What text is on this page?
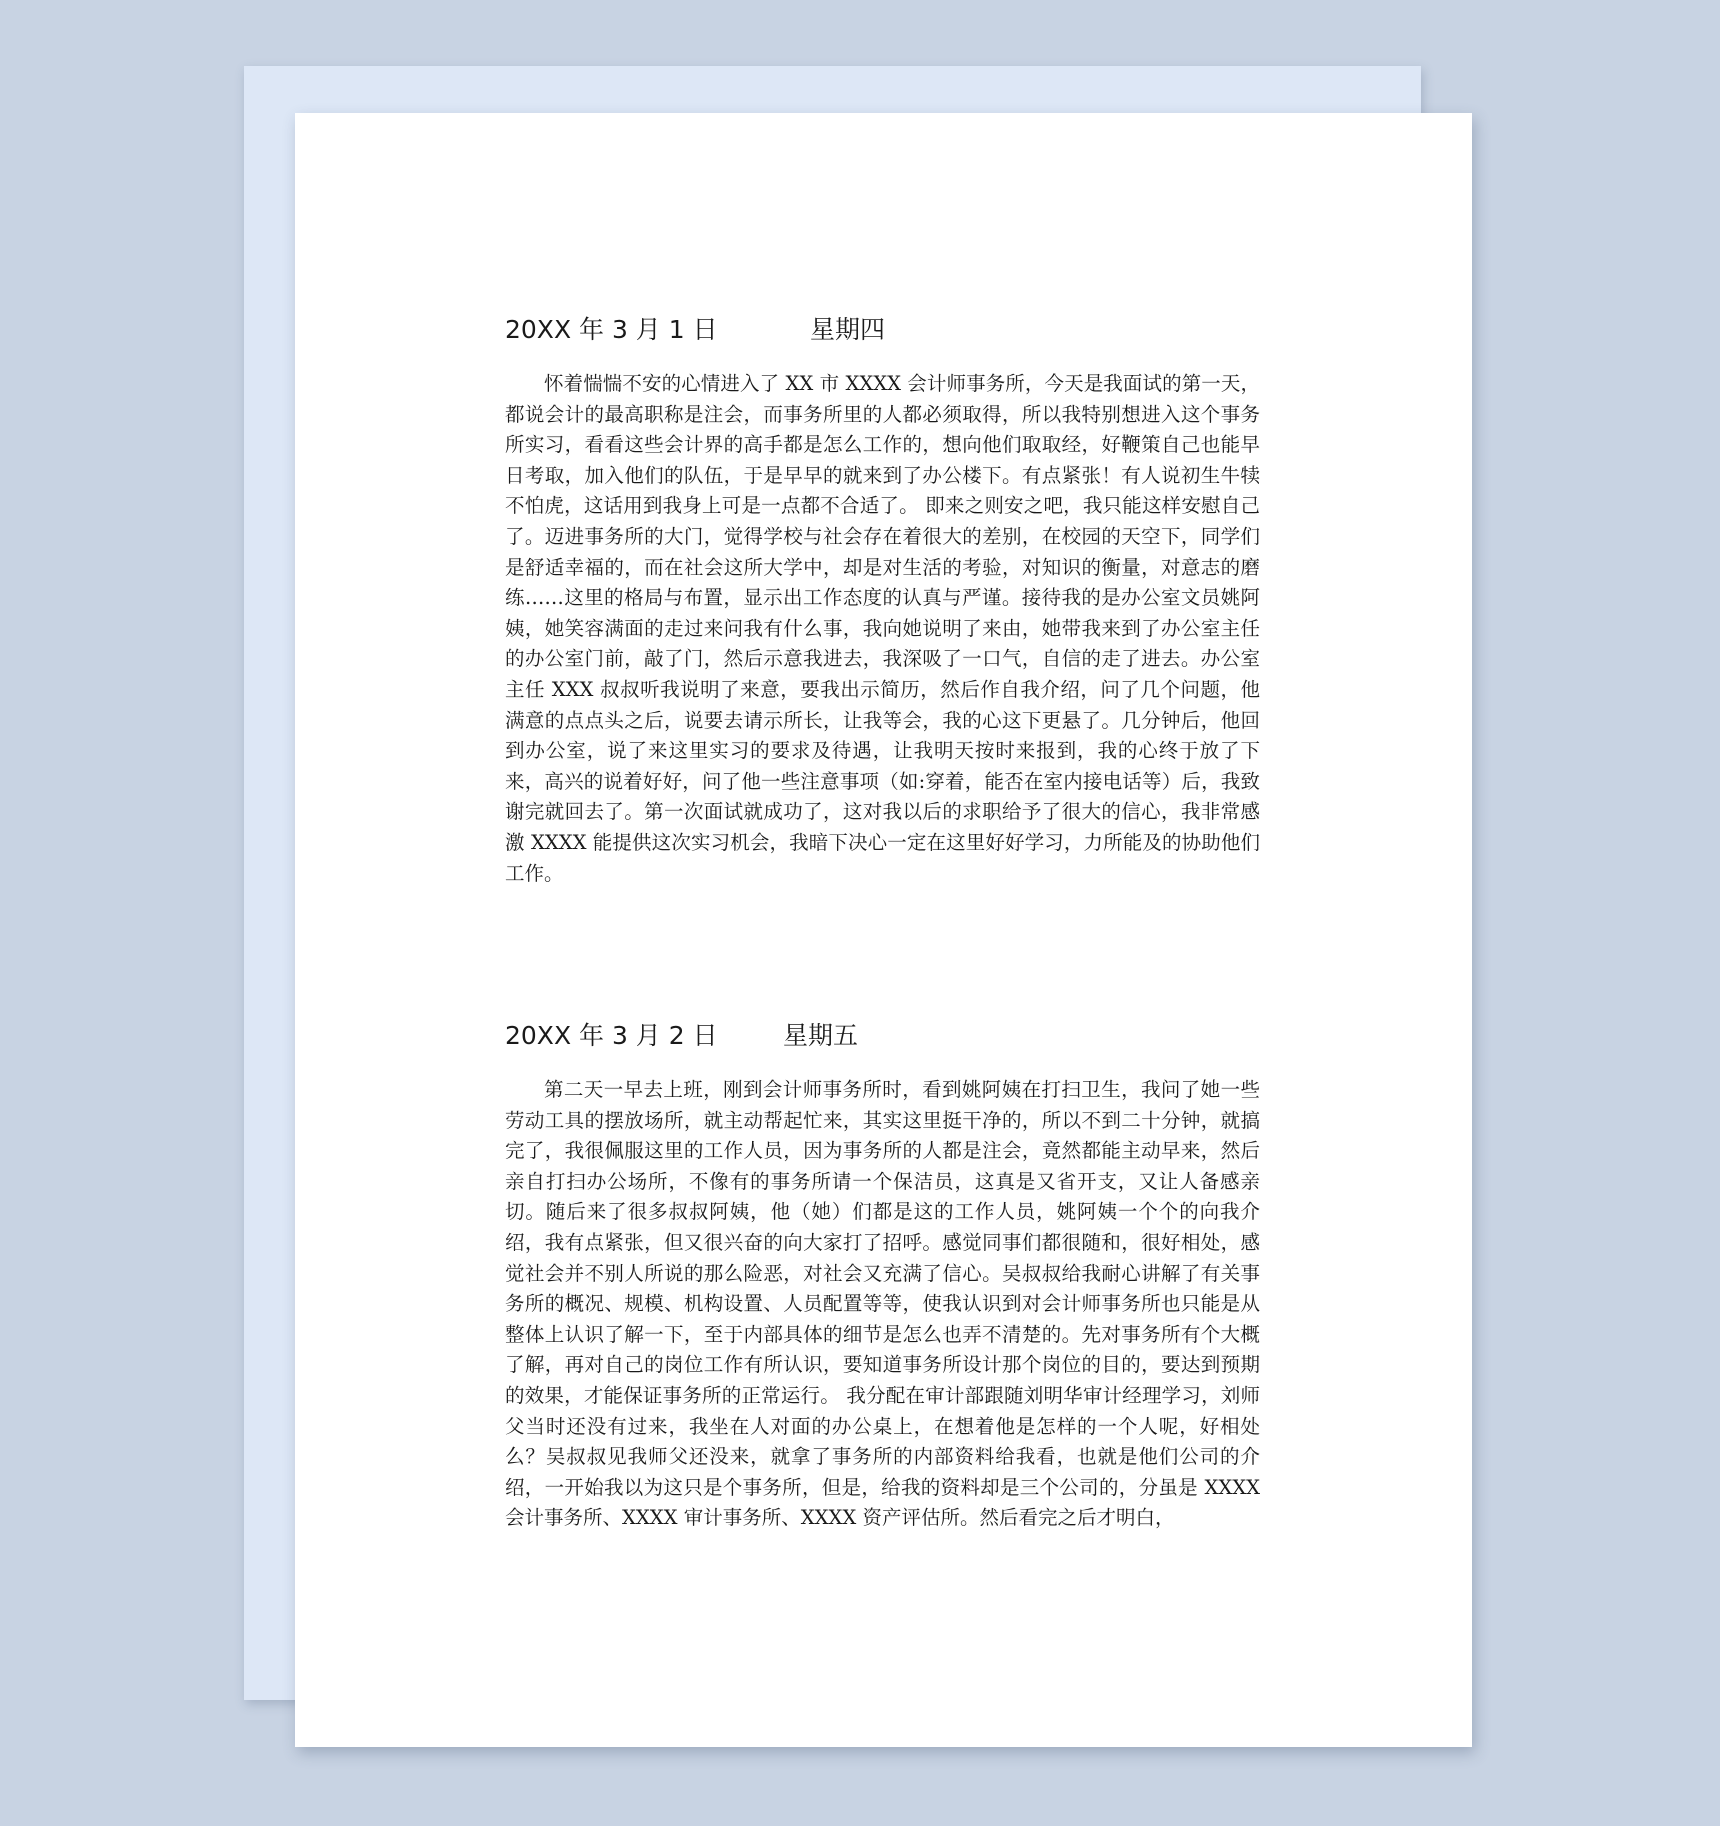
20XX 年 3 月 1 日	星期四

怀着惴惴不安的心情进入了 XX 市 XXXX 会计师事务所，今天是我面试的第一天，都说会计的最高职称是注会，而事务所里的人都必须取得，所以我特别想进入这个事务所实习，看看这些会计界的高手都是怎么工作的，想向他们取取经，好鞭策自己也能早日考取，加入他们的队伍，于是早早的就来到了办公楼下。有点紧张！有人说初生牛犊不怕虎，这话用到我身上可是一点都不合适了。 即来之则安之吧，我只能这样安慰自己了。迈进事务所的大门，觉得学校与社会存在着很大的差别，在校园的天空下，同学们是舒适幸福的，而在社会这所大学中，却是对生活的考验，对知识的衡量，对意志的磨练……这里的格局与布置，显示出工作态度的认真与严谨。接待我的是办公室文员姚阿姨，她笑容满面的走过来问我有什么事，我向她说明了来由，她带我来到了办公室主任的办公室门前，敲了门，然后示意我进去，我深吸了一口气，自信的走了进去。办公室主任 XXX 叔叔听我说明了来意，要我出示简历，然后作自我介绍，问了几个问题，他满意的点点头之后，说要去请示所长，让我等会，我的心这下更悬了。几分钟后，他回到办公室，说了来这里实习的要求及待遇，让我明天按时来报到，我的心终于放了下来，高兴的说着好好，问了他一些注意事项（如:穿着，能否在室内接电话等）后，我致谢完就回去了。第一次面试就成功了，这对我以后的求职给予了很大的信心，我非常感激 XXXX 能提供这次实习机会，我暗下决心一定在这里好好学习，力所能及的协助他们工作。

20XX 年 3 月 2 日	星期五

第二天一早去上班，刚到会计师事务所时，看到姚阿姨在打扫卫生，我问了她一些劳动工具的摆放场所，就主动帮起忙来，其实这里挺干净的，所以不到二十分钟，就搞完了，我很佩服这里的工作人员，因为事务所的人都是注会，竟然都能主动早来，然后亲自打扫办公场所，不像有的事务所请一个保洁员，这真是又省开支，又让人备感亲切。随后来了很多叔叔阿姨，他（她）们都是这的工作人员，姚阿姨一个个的向我介绍，我有点紧张，但又很兴奋的向大家打了招呼。感觉同事们都很随和，很好相处，感觉社会并不别人所说的那么险恶，对社会又充满了信心。吴叔叔给我耐心讲解了有关事务所的概况、规模、机构设置、人员配置等等，使我认识到对会计师事务所也只能是从整体上认识了解一下，至于内部具体的细节是怎么也弄不清楚的。先对事务所有个大概了解，再对自己的岗位工作有所认识，要知道事务所设计那个岗位的目的，要达到预期的效果，才能保证事务所的正常运行。 我分配在审计部跟随刘明华审计经理学习，刘师父当时还没有过来，我坐在人对面的办公桌上，在想着他是怎样的一个人呢，好相处么？吴叔叔见我师父还没来，就拿了事务所的内部资料给我看，也就是他们公司的介绍，一开始我以为这只是个事务所，但是，给我的资料却是三个公司的，分虽是 XXXX 会计事务所、XXXX 审计事务所、XXXX 资产评估所。然后看完之后才明白，
